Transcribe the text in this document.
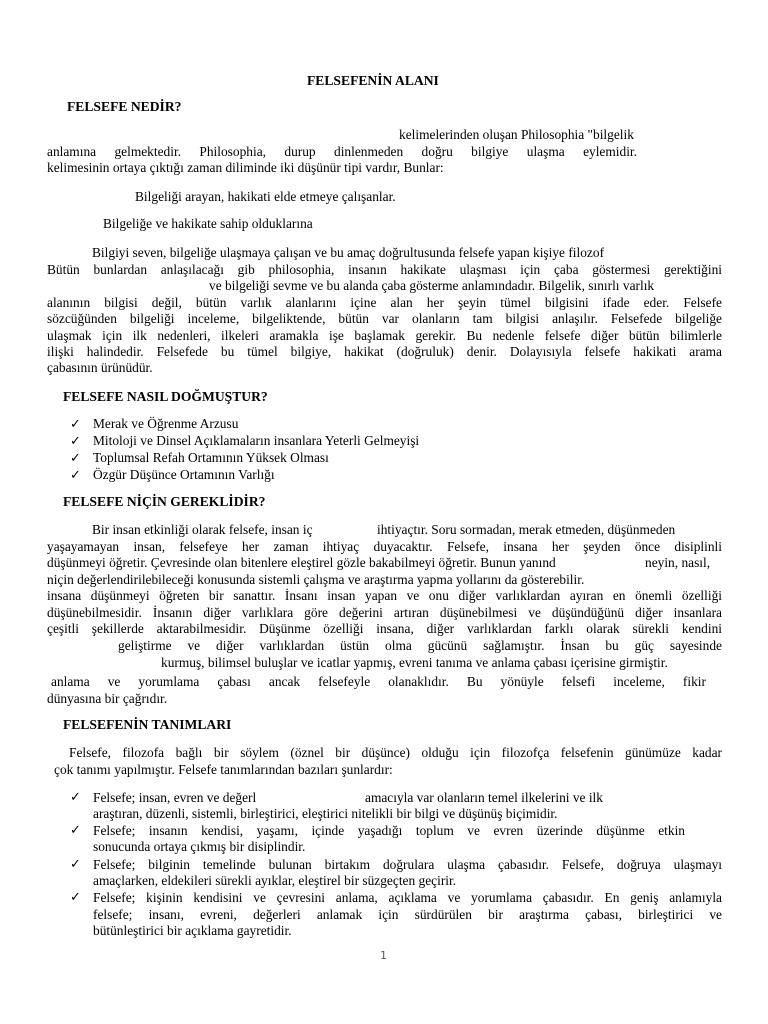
FELSEFENİN ALANI
FELSEFE NEDİR?
kelimelerinden oluşan Philosophia "bilgelik
anlamına gelmektedir. Philosophia, durup dinlenmeden doğru bilgiye ulaşma eylemidir.
kelimesinin ortaya çıktığı zaman diliminde iki düşünür tipi vardır, Bunlar:
Bilgeliği arayan, hakikati elde etmeye çalışanlar.
Bilgeliğe ve hakikate sahip olduklarına
Bilgiyi seven, bilgeliğe ulaşmaya çalışan ve bu amaç doğrultusunda felsefe yapan kişiye filozof
Bütün bunlardan anlaşılacağı gib philosophia, insanın hakikate ulaşması için çaba göstermesi gerektiğini
ve bilgeliği sevme ve bu alanda çaba gösterme anlamındadır. Bilgelik, sınırlı varlık
alanının bilgisi değil, bütün varlık alanlarını içine alan her şeyin tümel bilgisini ifade eder. Felsefe
sözcüğünden bilgeliği inceleme, bilgeliktende, bütün var olanların tam bilgisi anlaşılır. Felsefede bilgeliğe
ulaşmak için ilk nedenleri, ilkeleri aramakla işe başlamak gerekir. Bu nedenle felsefe diğer bütün bilimlerle
ilişki halindedir. Felsefede bu tümel bilgiye, hakikat (doğruluk) denir. Dolayısıyla felsefe hakikati arama
çabasının ürünüdür.
FELSEFE NASIL DOĞMUŞTUR?
✓ Merak ve Öğrenme Arzusu
✓ Mitoloji ve Dinsel Açıklamaların insanlara Yeterli Gelmeyişi
✓ Toplumsal Refah Ortamının Yüksek Olması
✓ Özgür Düşünce Ortamının Varlığı
FELSEFE NİÇİN GEREKLİDİR?
Bir insan etkinliği olarak felsefe, insan iç	ihtiyaçtır. Soru sormadan, merak etmeden, düşünmeden
yaşayamayan insan, felsefeye her zaman ihtiyaç duyacaktır. Felsefe, insana her şeyden önce disiplinli
düşünmeyi öğretir. Çevresinde olan bitenlere eleştirel gözle bakabilmeyi öğretir. Bunun yanınd	neyin, nasıl,
niçin değerlendirilebileceği konusunda sistemli çalışma ve araştırma yapma yollarını da gösterebilir.
insana düşünmeyi öğreten bir sanattır. İnsanı insan yapan ve onu diğer varlıklardan ayıran en önemli özelliği
düşünebilmesidir. İnsanın diğer varlıklara göre değerini artıran düşünebilmesi ve düşündüğünü diğer insanlara
çeşitli şekillerde aktarabilmesidir. Düşünme özelliği insana, diğer varlıklardan farklı olarak sürekli kendini
geliştirme ve diğer varlıklardan üstün olma gücünü sağlamıştır. İnsan bu güç sayesinde
kurmuş, bilimsel buluşlar ve icatlar yapmış, evreni tanıma ve anlama çabası içerisine girmiştir.
anlama ve yorumlama çabası ancak felsefeyle olanaklıdır. Bu yönüyle felsefi inceleme, fikir
dünyasına bir çağrıdır.
FELSEFENİN TANIMLARI
Felsefe, filozofa bağlı bir söylem (öznel bir düşünce) olduğu için filozofça felsefenin günümüze kadar
çok tanımı yapılmıştır. Felsefe tanımlarından bazıları şunlardır:
✓ Felsefe; insan, evren ve değerl	amacıyla var olanların temel ilkelerini ve ilk
araştıran, düzenli, sistemli, birleştirici, eleştirici nitelikli bir bilgi ve düşünüş biçimidir.
✓ Felsefe; insanın kendisi, yaşamı, içinde yaşadığı toplum ve evren üzerinde düşünme etkin
sonucunda ortaya çıkmış bir disiplindir.
✓ Felsefe; bilginin temelinde bulunan birtakım doğrulara ulaşma çabasıdır. Felsefe, doğruya ulaşmayı
amaçlarken, eldekileri sürekli ayıklar, eleştirel bir süzgeçten geçirir.
✓ Felsefe; kişinin kendisini ve çevresini anlama, açıklama ve yorumlama çabasıdır. En geniş anlamıyla
felsefe; insanı, evreni, değerleri anlamak için sürdürülen bir araştırma çabası, birleştirici ve
bütünleştirici bir açıklama gayretidir.
1
